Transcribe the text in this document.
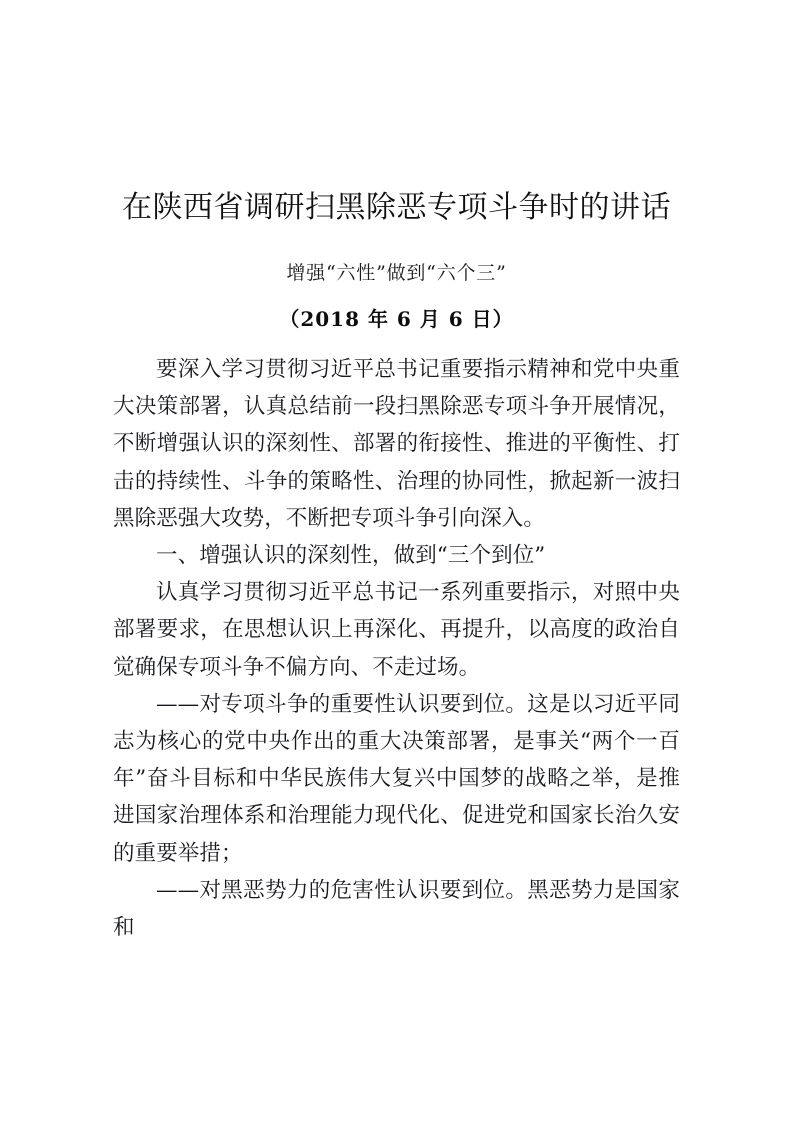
在陕西省调研扫黑除恶专项斗争时的讲话
增强“六性”做到“六个三”
（2018 年 6 月 6 日）

要深入学习贯彻习近平总书记重要指示精神和党中央重大决策部署，认真总结前一段扫黑除恶专项斗争开展情况，不断增强认识的深刻性、部署的衔接性、推进的平衡性、打击的持续性、斗争的策略性、治理的协同性，掀起新一波扫黑除恶强大攻势，不断把专项斗争引向深入。

一、增强认识的深刻性，做到“三个到位”

认真学习贯彻习近平总书记一系列重要指示，对照中央部署要求，在思想认识上再深化、再提升，以高度的政治自觉确保专项斗争不偏方向、不走过场。

——对专项斗争的重要性认识要到位。这是以习近平同志为核心的党中央作出的重大决策部署，是事关“两个一百年”奋斗目标和中华民族伟大复兴中国梦的战略之举，是推进国家治理体系和治理能力现代化、促进党和国家长治久安的重要举措；

——对黑恶势力的危害性认识要到位。黑恶势力是国家和
